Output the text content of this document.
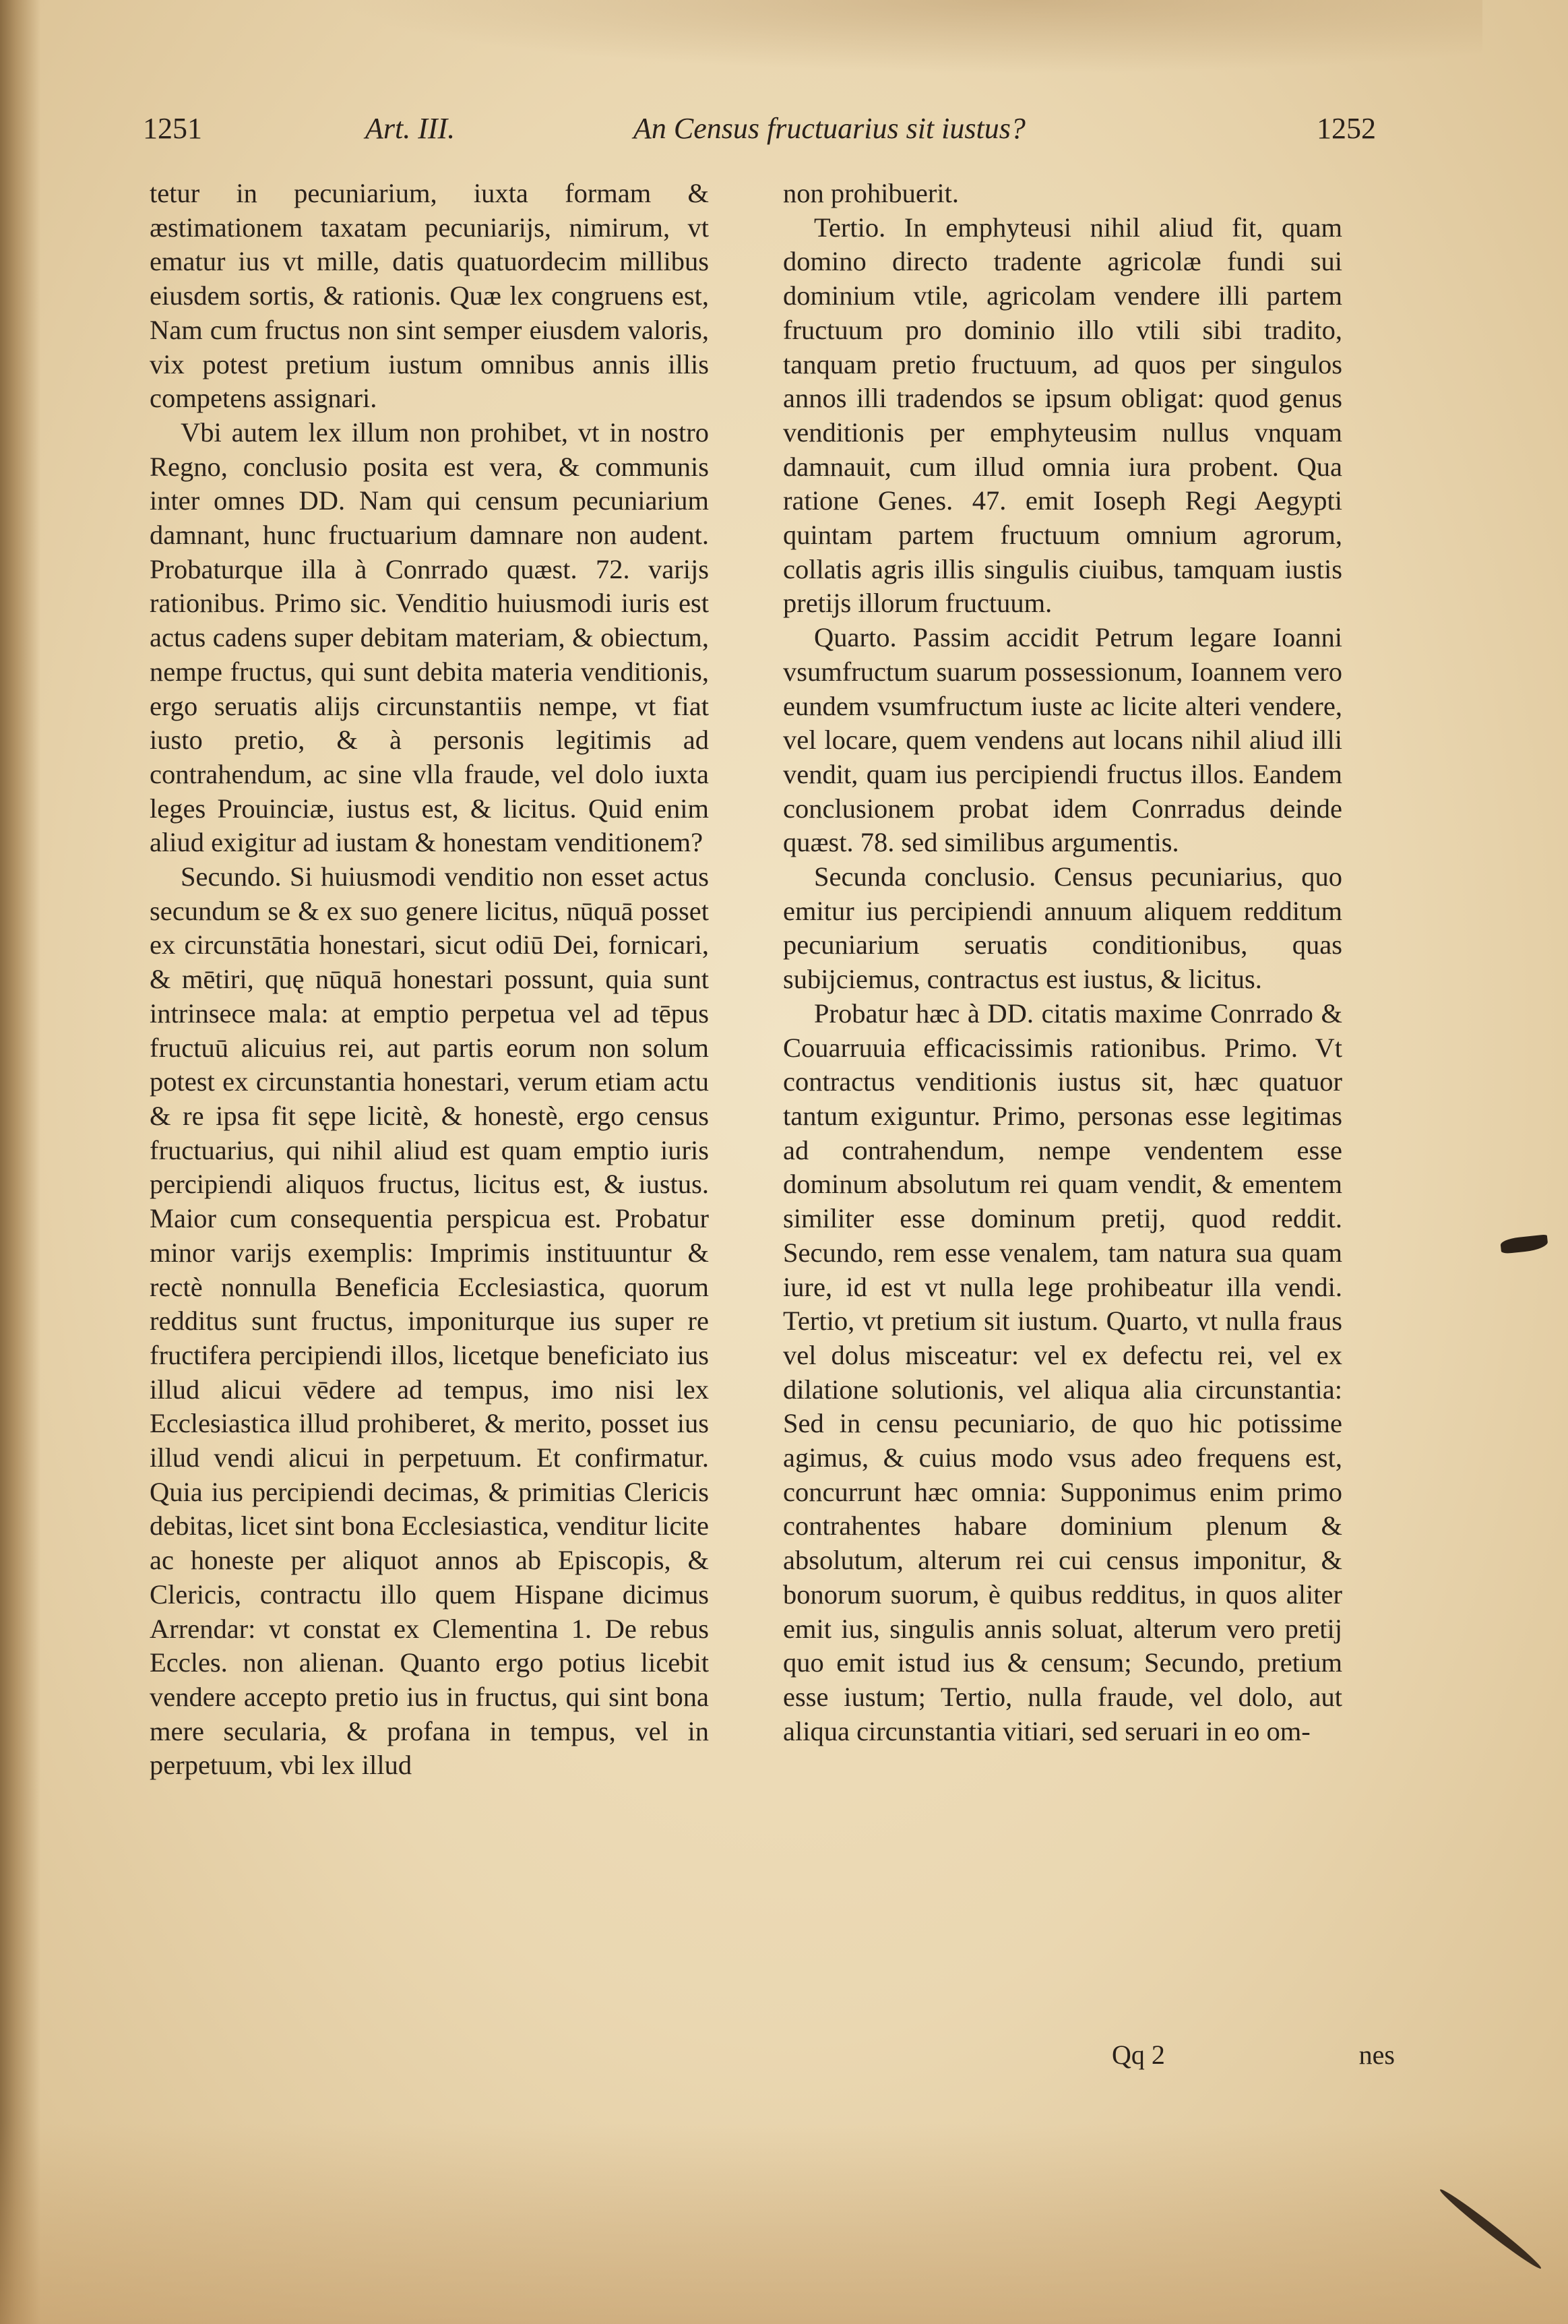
1251	Art. III.	An Census fructuarius sit iustus?	1252

tetur in pecuniarium, iuxta formam & æstimationem taxatam pecuniarijs, nimirum, vt ematur ius vt mille, datis quatuordecim millibus eiusdem sortis, & rationis. Quæ lex congruens est, Nam cum fructus non sint semper eiusdem valoris, vix potest pretium iustum omnibus annis illis competens assignari.

Vbi autem lex illum non prohibet, vt in nostro Regno, conclusio posita est vera, & communis inter omnes DD. Nam qui censum pecuniarium damnant, hunc fructuarium damnare non audent. Probaturque illa à Conrrado quæst. 72. varijs rationibus. Primo sic. Venditio huiusmodi iuris est actus cadens super debitam materiam, & obiectum, nempe fructus, qui sunt debita materia venditionis, ergo seruatis alijs circunstantiis nempe, vt fiat iusto pretio, & à personis legitimis ad contrahendum, ac sine vlla fraude, vel dolo iuxta leges Prouinciæ, iustus est, & licitus. Quid enim aliud exigitur ad iustam & honestam venditionem?

Secundo. Si huiusmodi venditio non esset actus secundum se & ex suo genere licitus, nūquā posset ex circunstātia honestari, sicut odiū Dei, fornicari, & mētiri, quę nūquā honestari possunt, quia sunt intrinsece mala: at emptio perpetua vel ad tēpus fructuū alicuius rei, aut partis eorum non solum potest ex circunstantia honestari, verum etiam actu & re ipsa fit sępe licitè, & honestè, ergo census fructuarius, qui nihil aliud est quam emptio iuris percipiendi aliquos fructus, licitus est, & iustus. Maior cum consequentia perspicua est. Probatur minor varijs exemplis: Imprimis instituuntur & rectè nonnulla Beneficia Ecclesiastica, quorum redditus sunt fructus, imponiturque ius super re fructifera percipiendi illos, licetque beneficiato ius illud alicui vēdere ad tempus, imo nisi lex Ecclesiastica illud prohiberet, & merito, posset ius illud vendi alicui in perpetuum. Et confirmatur. Quia ius percipiendi decimas, & primitias Clericis debitas, licet sint bona Ecclesiastica, venditur licite ac honeste per aliquot annos ab Episcopis, & Clericis, contractu illo quem Hispane dicimus Arrendar: vt constat ex Clementina 1. De rebus Eccles. non alienan. Quanto ergo potius licebit vendere accepto pretio ius in fructus, qui sint bona mere secularia, & profana in tempus, vel in perpetuum, vbi lex illud

non prohibuerit.

Tertio. In emphyteusi nihil aliud fit, quam domino directo tradente agricolæ fundi sui dominium vtile, agricolam vendere illi partem fructuum pro dominio illo vtili sibi tradito, tanquam pretio fructuum, ad quos per singulos annos illi tradendos se ipsum obligat: quod genus venditionis per emphyteusim nullus vnquam damnauit, cum illud omnia iura probent. Qua ratione Genes. 47. emit Ioseph Regi Aegypti quintam partem fructuum omnium agrorum, collatis agris illis singulis ciuibus, tamquam iustis pretijs illorum fructuum.

Quarto. Passim accidit Petrum legare Ioanni vsumfructum suarum possessionum, Ioannem vero eundem vsumfructum iuste ac licite alteri vendere, vel locare, quem vendens aut locans nihil aliud illi vendit, quam ius percipiendi fructus illos. Eandem conclusionem probat idem Conrradus deinde quæst. 78. sed similibus argumentis.

Secunda conclusio. Census pecuniarius, quo emitur ius percipiendi annuum aliquem redditum pecuniarium seruatis conditionibus, quas subijciemus, contractus est iustus, & licitus.

Probatur hæc à DD. citatis maxime Conrrado & Couarruuia efficacissimis rationibus. Primo. Vt contractus venditionis iustus sit, hæc quatuor tantum exiguntur. Primo, personas esse legitimas ad contrahendum, nempe vendentem esse dominum absolutum rei quam vendit, & ementem similiter esse dominum pretij, quod reddit. Secundo, rem esse venalem, tam natura sua quam iure, id est vt nulla lege prohibeatur illa vendi. Tertio, vt pretium sit iustum. Quarto, vt nulla fraus vel dolus misceatur: vel ex defectu rei, vel ex dilatione solutionis, vel aliqua alia circunstantia: Sed in censu pecuniario, de quo hic potissime agimus, & cuius modo vsus adeo frequens est, concurrunt hæc omnia: Supponimus enim primo contrahentes habare dominium plenum & absolutum, alterum rei cui census imponitur, & bonorum suorum, è quibus redditus, in quos aliter emit ius, singulis annis soluat, alterum vero pretij quo emit istud ius & censum; Secundo, pretium esse iustum; Tertio, nulla fraude, vel dolo, aut aliqua circunstantia vitiari, sed seruari in eo om-

Qq 2	nes
